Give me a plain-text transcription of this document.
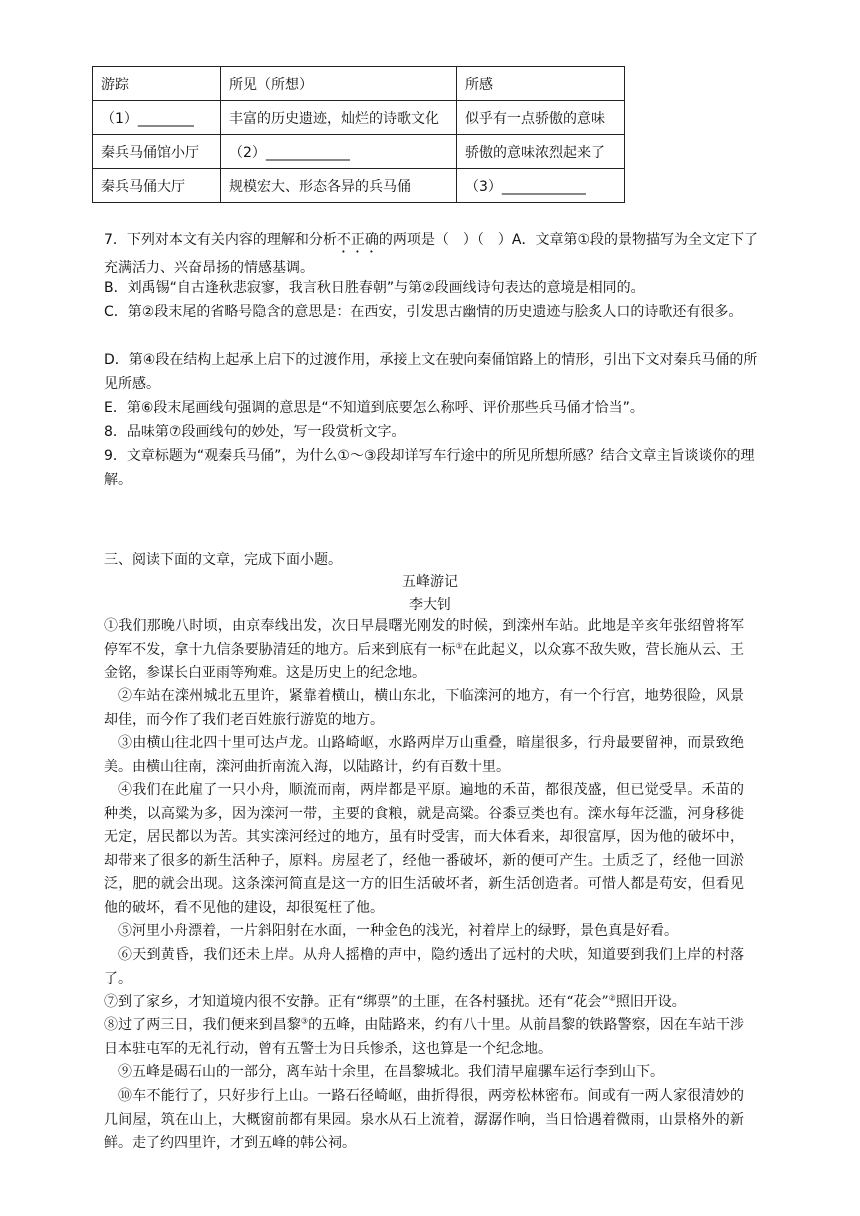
游踪	所见（所想）	所感
（1）________	丰富的历史遗迹，灿烂的诗歌文化	似乎有一点骄傲的意味
秦兵马俑馆小厅	（2）____________	骄傲的意味浓烈起来了
秦兵马俑大厅	规模宏大、形态各异的兵马俑	（3）____________
7．下列对本文有关内容的理解和分析不正确的两项是（　）（　）A．文章第①段的景物描写为全文定下了充满活力、兴奋昂扬的情感基调。
B．刘禹锡“自古逢秋悲寂寥，我言秋日胜春朝”与第②段画线诗句表达的意境是相同的。
C．第②段末尾的省略号隐含的意思是：在西安，引发思古幽情的历史遗迹与脍炙人口的诗歌还有很多。
D．第④段在结构上起承上启下的过渡作用，承接上文在驶向秦俑馆路上的情形，引出下文对秦兵马俑的所见所感。
E．第⑥段末尾画线句强调的意思是“不知道到底要怎么称呼、评价那些兵马俑才恰当”。
8．品味第⑦段画线句的妙处，写一段赏析文字。
9．文章标题为“观秦兵马俑”，为什么①～③段却详写车行途中的所见所想所感？结合文章主旨谈谈你的理解。
三、阅读下面的文章，完成下面小题。
五峰游记
李大钊
①我们那晚八时顷，由京奉线出发，次日早晨曙光刚发的时候，到滦州车站。此地是辛亥年张绍曾将军停军不发，拿十九信条要胁清廷的地方。后来到底有一标①在此起义，以众寡不敌失败，营长施从云、王金铭，参谋长白亚雨等殉难。这是历史上的纪念地。
②车站在滦州城北五里许，紧靠着横山，横山东北，下临滦河的地方，有一个行宫，地势很险，风景却佳，而今作了我们老百姓旅行游览的地方。
③由横山往北四十里可达卢龙。山路崎岖，水路两岸万山重叠，暗崖很多，行舟最要留神，而景致绝美。由横山往南，滦河曲折南流入海，以陆路计，约有百数十里。
④我们在此雇了一只小舟，顺流而南，两岸都是平原。遍地的禾苗，都很茂盛，但已觉受旱。禾苗的种类，以高粱为多，因为滦河一带，主要的食粮，就是高粱。谷黍豆类也有。滦水每年泛滥，河身移徙无定，居民都以为苦。其实滦河经过的地方，虽有时受害，而大体看来，却很富厚，因为他的破坏中，却带来了很多的新生活种子，原料。房屋老了，经他一番破坏，新的便可产生。土质乏了，经他一回淤泛，肥的就会出现。这条滦河简直是这一方的旧生活破坏者，新生活创造者。可惜人都是苟安，但看见他的破坏，看不见他的建设，却很冤枉了他。
⑤河里小舟漂着，一片斜阳射在水面，一种金色的浅光，衬着岸上的绿野，景色真是好看。
⑥天到黄昏，我们还未上岸。从舟人摇橹的声中，隐约透出了远村的犬吠，知道要到我们上岸的村落了。
⑦到了家乡，才知道境内很不安静。正有“绑票”的土匪，在各村骚扰。还有“花会”②照旧开设。
⑧过了两三日，我们便来到昌黎③的五峰，由陆路来，约有八十里。从前昌黎的铁路警察，因在车站干涉日本驻屯军的无礼行动，曾有五警士为日兵惨杀，这也算是一个纪念地。
⑨五峰是碣石山的一部分，离车站十余里，在昌黎城北。我们清早雇骡车运行李到山下。
⑩车不能行了，只好步行上山。一路石径崎岖，曲折得很，两旁松林密布。间或有一两人家很清妙的几间屋，筑在山上，大概窗前都有果园。泉水从石上流着，潺潺作响，当日恰遇着微雨，山景格外的新鲜。走了约四里许，才到五峰的韩公祠。
